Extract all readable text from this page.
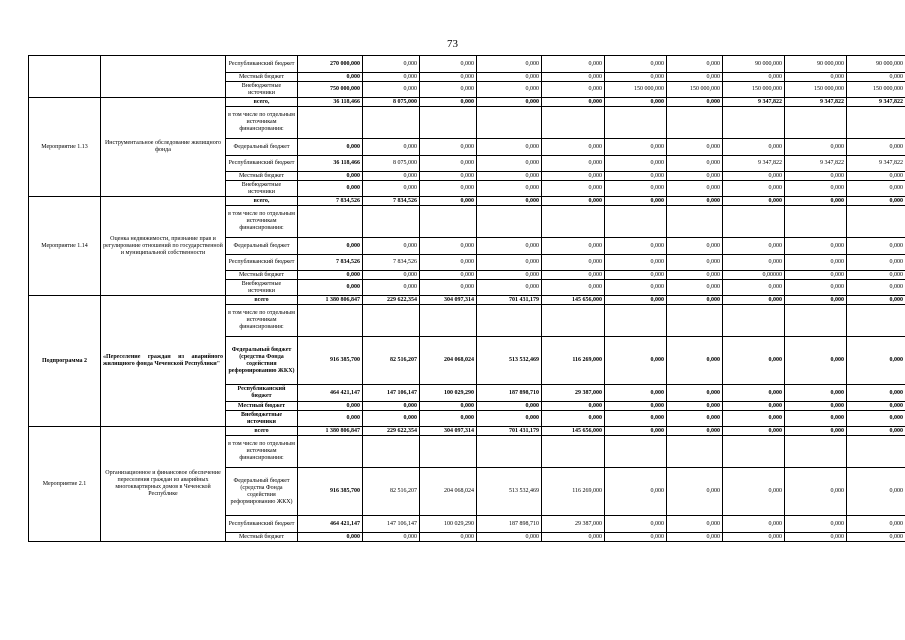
73
		Республиканский бюджет	270 000,000	0,000	0,000	0,000	0,000	0,000	0,000	90 000,000	90 000,000	90 000,000
		Местный бюджет	0,000	0,000	0,000	0,000	0,000	0,000	0,000	0,000	0,000	0,000
		Внебюджетные источники	750 000,000	0,000	0,000	0,000	0,000	150 000,000	150 000,000	150 000,000	150 000,000	150 000,000
Мероприятие 1.13	Инструментальное обследование жилищного фонда	всего,	36 118,466	8 075,000	0,000	0,000	0,000	0,000	0,000	9 347,822	9 347,822	9 347,822
		в том числе по отдельным источникам финансирования:										
		Федеральный бюджет	0,000	0,000	0,000	0,000	0,000	0,000	0,000	0,000	0,000	0,000
		Республиканский бюджет	36 118,466	8 075,000	0,000	0,000	0,000	0,000	0,000	9 347,822	9 347,822	9 347,822
		Местный бюджет	0,000	0,000	0,000	0,000	0,000	0,000	0,000	0,000	0,000	0,000
		Внебюджетные источники	0,000	0,000	0,000	0,000	0,000	0,000	0,000	0,000	0,000	0,000
Мероприятие 1.14	Оценка недвижимости, признание прав и регулирование отношений по государственной и муниципальной собственности	всего,	7 834,526	7 834,526	0,000	0,000	0,000	0,000	0,000	0,000	0,000	0,000
		в том числе по отдельным источникам финансирования:										
		Федеральный бюджет	0,000	0,000	0,000	0,000	0,000	0,000	0,000	0,000	0,000	0,000
		Республиканский бюджет	7 834,526	7 834,526	0,000	0,000	0,000	0,000	0,000	0,000	0,000	0,000
		Местный бюджет	0,000	0,000	0,000	0,000	0,000	0,000	0,000	0,00000	0,000	0,000
		Внебюджетные источники	0,000	0,000	0,000	0,000	0,000	0,000	0,000	0,000	0,000	0,000
Подпрограмма 2	«Переселение граждан из аварийного жилищного фонда Чеченской Республики"	всего	1 380 806,847	229 622,354	304 097,314	701 431,179	145 656,000	0,000	0,000	0,000	0,000	0,000
		в том числе по отдельным источникам финансирования:										
		Федеральный бюджет (средства Фонда содействия реформированию ЖКХ)	916 385,700	82 516,207	204 068,024	513 532,469	116 269,000	0,000	0,000	0,000	0,000	0,000
		Республиканский бюджет	464 421,147	147 106,147	100 029,290	187 898,710	29 387,000	0,000	0,000	0,000	0,000	0,000
		Местный бюджет	0,000	0,000	0,000	0,000	0,000	0,000	0,000	0,000	0,000	0,000
		Внебюджетные источники	0,000	0,000	0,000	0,000	0,000	0,000	0,000	0,000	0,000	0,000
Мероприятие 2.1	Организационное и финансовое обеспечение переселения граждан из аварийных многоквартирных домов в Чеченской Республике	всего	1 380 806,847	229 622,354	304 097,314	701 431,179	145 656,000	0,000	0,000	0,000	0,000	0,000
		в том числе по отдельным источникам финансирования:										
		Федеральный бюджет (средства Фонда содействия реформированию ЖКХ)	916 385,700	82 516,207	204 068,024	513 532,469	116 269,000	0,000	0,000	0,000	0,000	0,000
		Республиканский бюджет	464 421,147	147 106,147	100 029,290	187 898,710	29 387,000	0,000	0,000	0,000	0,000	0,000
		Местный бюджет	0,000	0,000	0,000	0,000	0,000	0,000	0,000	0,000	0,000	0,000
